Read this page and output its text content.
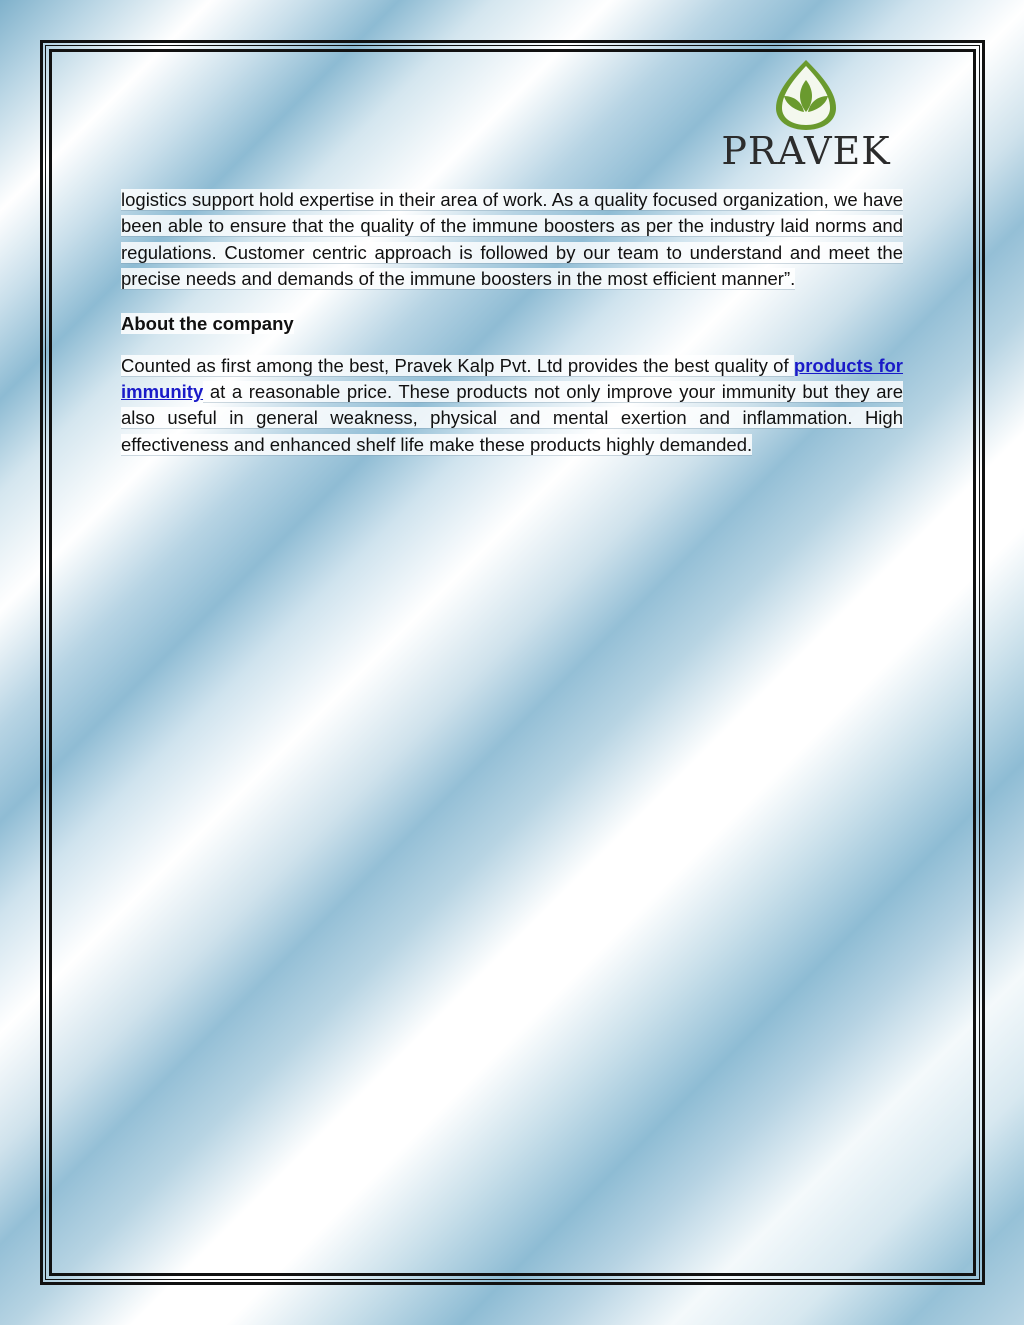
PRAVEK

logistics support hold expertise in their area of work. As a quality focused organization, we have been able to ensure that the quality of the immune boosters as per the industry laid norms and regulations. Customer centric approach is followed by our team to understand and meet the precise needs and demands of the immune boosters in the most efficient manner”.

About the company

Counted as first among the best, Pravek Kalp Pvt. Ltd provides the best quality of products for immunity at a reasonable price. These products not only improve your immunity but they are also useful in general weakness, physical and mental exertion and inflammation. High effectiveness and enhanced shelf life make these products highly demanded.
